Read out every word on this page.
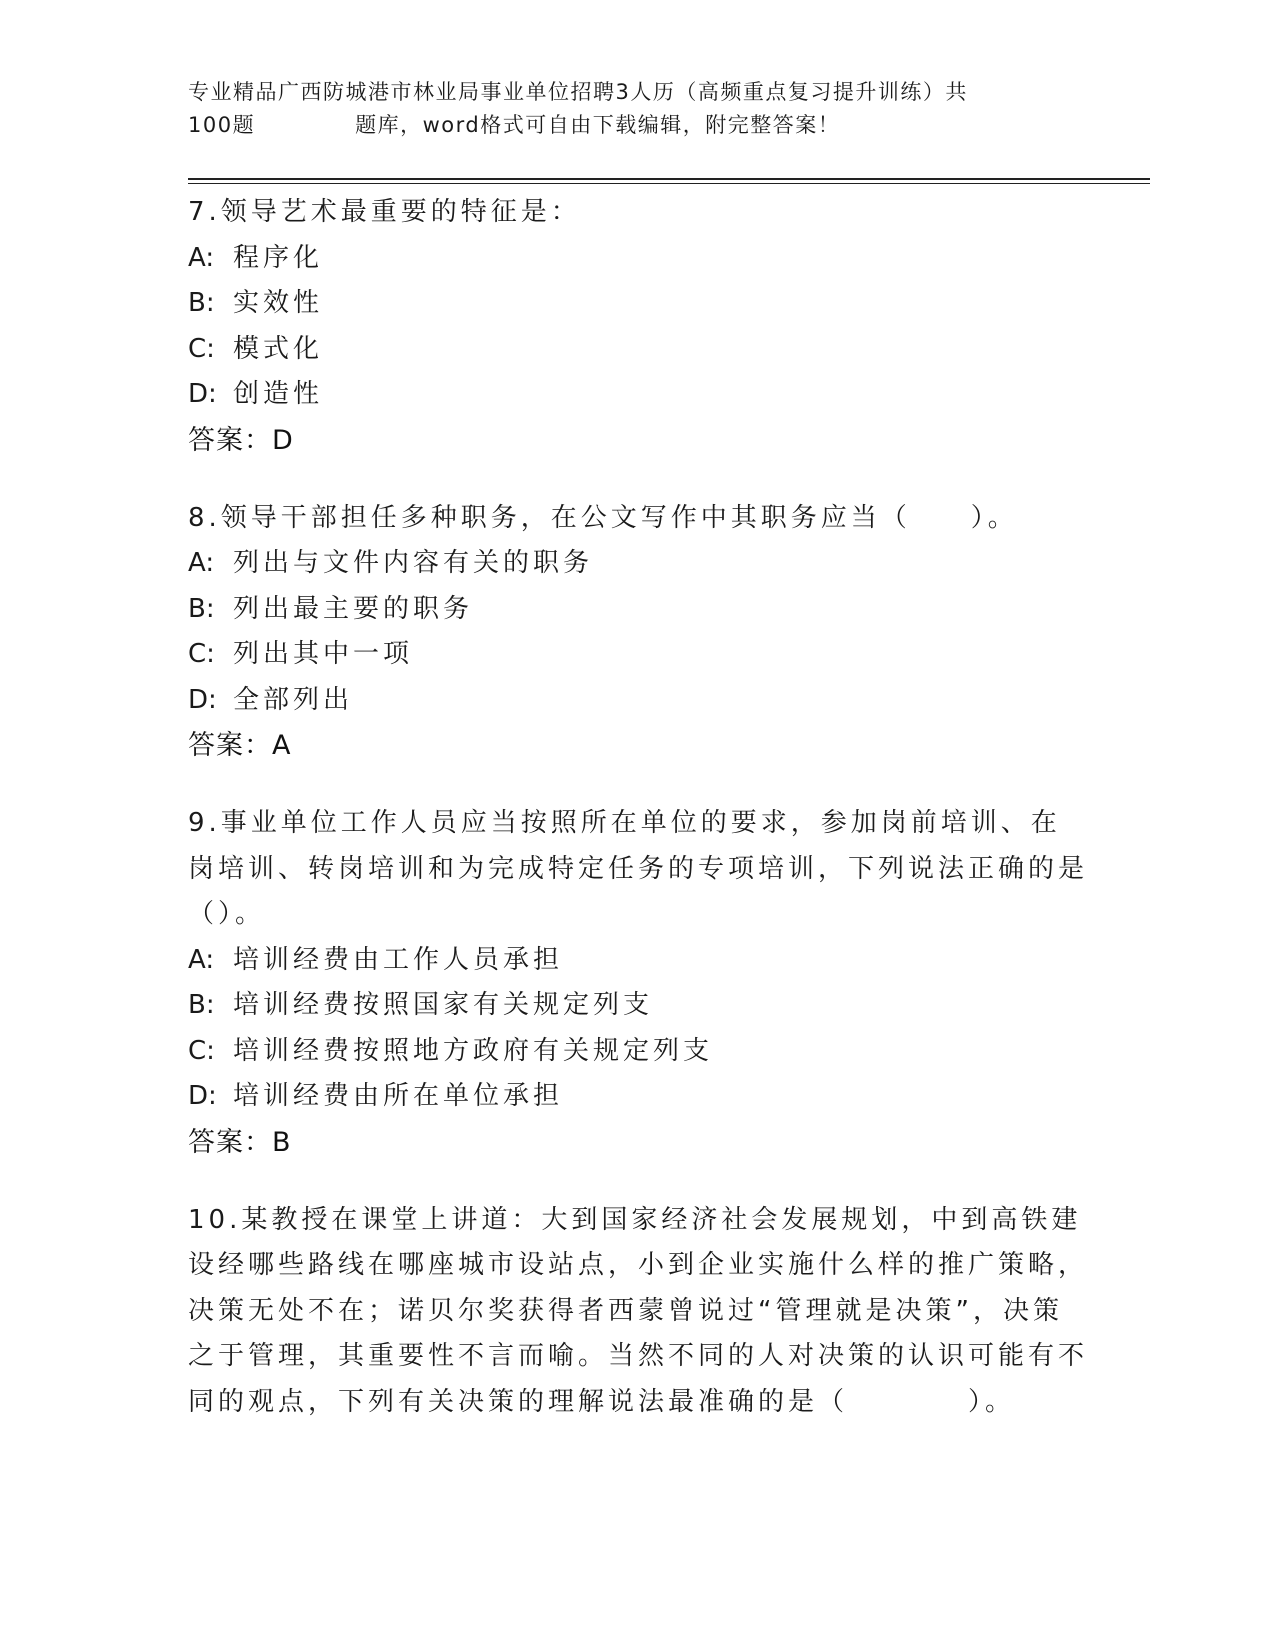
专业精品广西防城港市林业局事业单位招聘3人历（高频重点复习提升训练）共
100题	题库，word格式可自由下载编辑，附完整答案！
7.领导艺术最重要的特征是：
A: 程序化
B: 实效性
C: 模式化
D: 创造性
答案：D
8.领导干部担任多种职务，在公文写作中其职务应当（　　）。
A: 列出与文件内容有关的职务
B: 列出最主要的职务
C: 列出其中一项
D: 全部列出
答案：A
9.事业单位工作人员应当按照所在单位的要求，参加岗前培训、在岗培训、转岗培训和为完成特定任务的专项培训，下列说法正确的是（）。
A: 培训经费由工作人员承担
B: 培训经费按照国家有关规定列支
C: 培训经费按照地方政府有关规定列支
D: 培训经费由所在单位承担
答案：B
10.某教授在课堂上讲道：大到国家经济社会发展规划，中到高铁建设经哪些路线在哪座城市设站点，小到企业实施什么样的推广策略，决策无处不在；诺贝尔奖获得者西蒙曾说过“管理就是决策”，决策之于管理，其重要性不言而喻。当然不同的人对决策的认识可能有不同的观点，下列有关决策的理解说法最准确的是（　　　　）。
